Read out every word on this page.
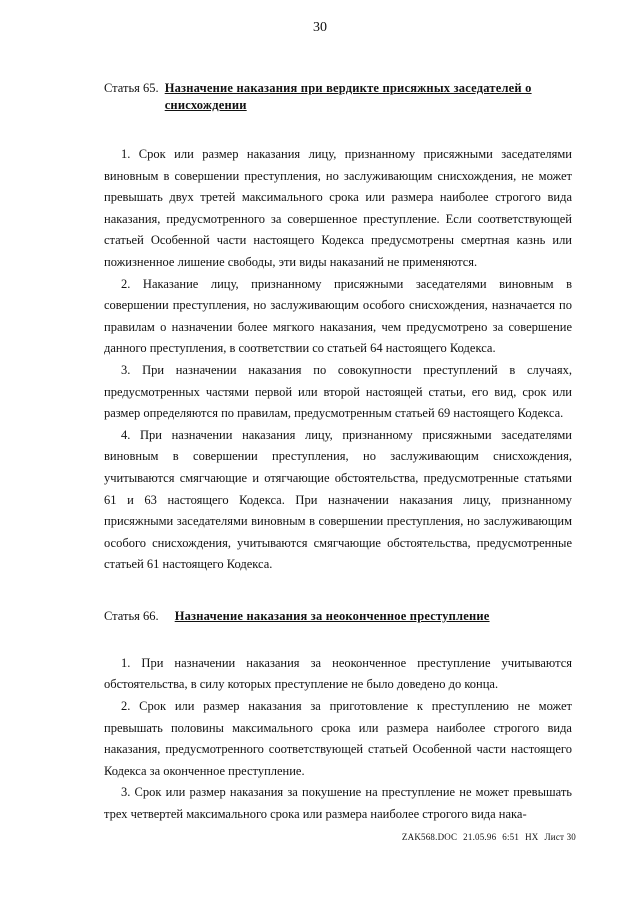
30
Статья 65. Назначение наказания при вердикте присяжных заседателей о снисхождении

1. Срок или размер наказания лицу, признанному присяжными заседателями виновным в совершении преступления, но заслуживающим снисхождения, не может превышать двух третей максимального срока или размера наиболее строгого вида наказания, предусмотренного за совершенное преступление. Если соответствующей статьей Особенной части настоящего Кодекса предусмотрены смертная казнь или пожизненное лишение свободы, эти виды наказаний не применяются.

2. Наказание лицу, признанному присяжными заседателями виновным в совершении преступления, но заслуживающим особого снисхождения, назначается по правилам о назначении более мягкого наказания, чем предусмотрено за совершение данного преступления, в соответствии со статьей 64 настоящего Кодекса.

3. При назначении наказания по совокупности преступлений в случаях, предусмотренных частями первой или второй настоящей статьи, его вид, срок или размер определяются по правилам, предусмотренным статьей 69 настоящего Кодекса.

4. При назначении наказания лицу, признанному присяжными заседателями виновным в совершении преступления, но заслуживающим снисхождения, учитываются смягчающие и отягчающие обстоятельства, предусмотренные статьями 61 и 63 настоящего Кодекса. При назначении наказания лицу, признанному присяжными заседателями виновным в совершении преступления, но заслуживающим особого снисхождения, учитываются смягчающие обстоятельства, предусмотренные статьей 61 настоящего Кодекса.

Статья 66.	Назначение наказания за неоконченное преступление

1. При назначении наказания за неоконченное преступление учитываются обстоятельства, в силу которых преступление не было доведено до конца.

2. Срок или размер наказания за приготовление к преступлению не может превышать половины максимального срока или размера наиболее строгого вида наказания, предусмотренного соответствующей статьей Особенной части настоящего Кодекса за оконченное преступление.

3. Срок или размер наказания за покушение на преступление не может превышать трех четвертей максимального срока или размера наиболее строгого вида нака-

ZAK568.DOC 21.05.96 6:51 НХ Лист 30
